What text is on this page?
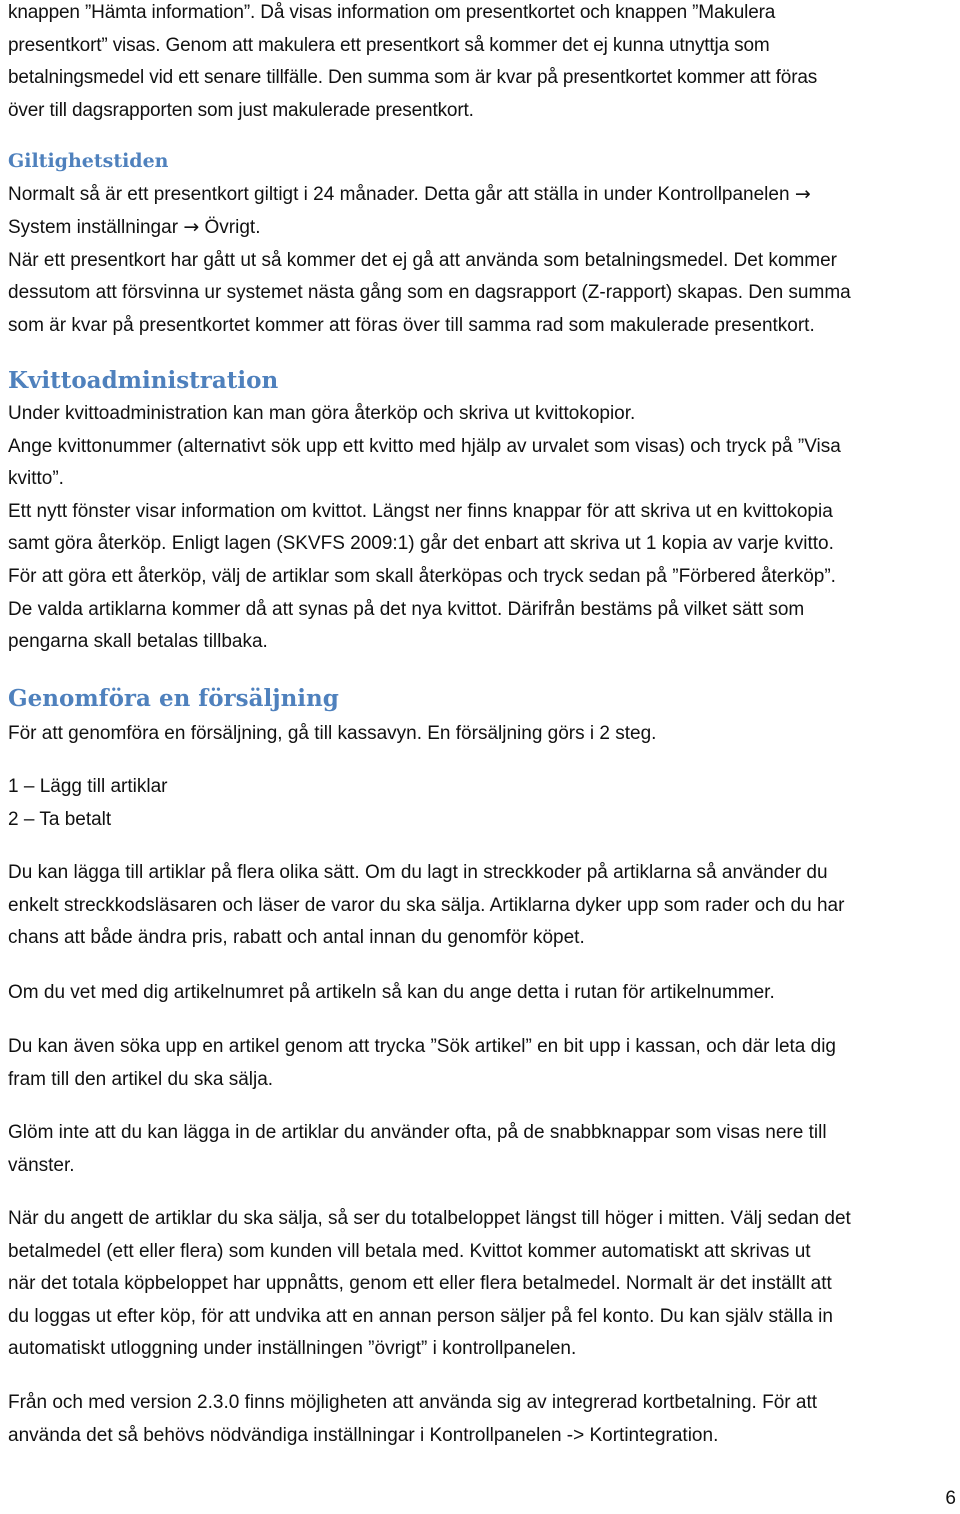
knappen ”Hämta information”. Då visas information om presentkortet och knappen ”Makulera

presentkort” visas. Genom att makulera ett presentkort så kommer det ej kunna utnyttja som

betalningsmedel vid ett senare tillfälle. Den summa som är kvar på presentkortet kommer att föras

över till dagsrapporten som just makulerade presentkort.

Giltighetstiden

Normalt så är ett presentkort giltigt i 24 månader. Detta går att ställa in under Kontrollpanelen →

System inställningar → Övrigt.

När ett presentkort har gått ut så kommer det ej gå att använda som betalningsmedel. Det kommer

dessutom att försvinna ur systemet nästa gång som en dagsrapport (Z-rapport) skapas. Den summa

som är kvar på presentkortet kommer att föras över till samma rad som makulerade presentkort.

Kvittoadministration

Under kvittoadministration kan man göra återköp och skriva ut kvittokopior.

Ange kvittonummer (alternativt sök upp ett kvitto med hjälp av urvalet som visas) och tryck på ”Visa

kvitto”.

Ett nytt fönster visar information om kvittot. Längst ner finns knappar för att skriva ut en kvittokopia

samt göra återköp. Enligt lagen (SKVFS 2009:1) går det enbart att skriva ut 1 kopia av varje kvitto.

För att göra ett återköp, välj de artiklar som skall återköpas och tryck sedan på ”Förbered återköp”.

De valda artiklarna kommer då att synas på det nya kvittot. Därifrån bestäms på vilket sätt som

pengarna skall betalas tillbaka.

Genomföra en försäljning

För att genomföra en försäljning, gå till kassavyn. En försäljning görs i 2 steg.

1 – Lägg till artiklar

2 – Ta betalt

Du kan lägga till artiklar på flera olika sätt. Om du lagt in streckkoder på artiklarna så använder du

enkelt streckkodsläsaren och läser de varor du ska sälja. Artiklarna dyker upp som rader och du har

chans att både ändra pris, rabatt och antal innan du genomför köpet.

Om du vet med dig artikelnumret på artikeln så kan du ange detta i rutan för artikelnummer.

Du kan även söka upp en artikel genom att trycka ”Sök artikel” en bit upp i kassan, och där leta dig

fram till den artikel du ska sälja.

Glöm inte att du kan lägga in de artiklar du använder ofta, på de snabbknappar som visas nere till

vänster.

När du angett de artiklar du ska sälja, så ser du totalbeloppet längst till höger i mitten. Välj sedan det

betalmedel (ett eller flera) som kunden vill betala med. Kvittot kommer automatiskt att skrivas ut

när det totala köpbeloppet har uppnåtts, genom ett eller flera betalmedel. Normalt är det inställt att

du loggas ut efter köp, för att undvika att en annan person säljer på fel konto. Du kan själv ställa in

automatiskt utloggning under inställningen ”övrigt” i kontrollpanelen.

Från och med version 2.3.0 finns möjligheten att använda sig av integrerad kortbetalning. För att

använda det så behövs nödvändiga inställningar i Kontrollpanelen -> Kortintegration.

6
